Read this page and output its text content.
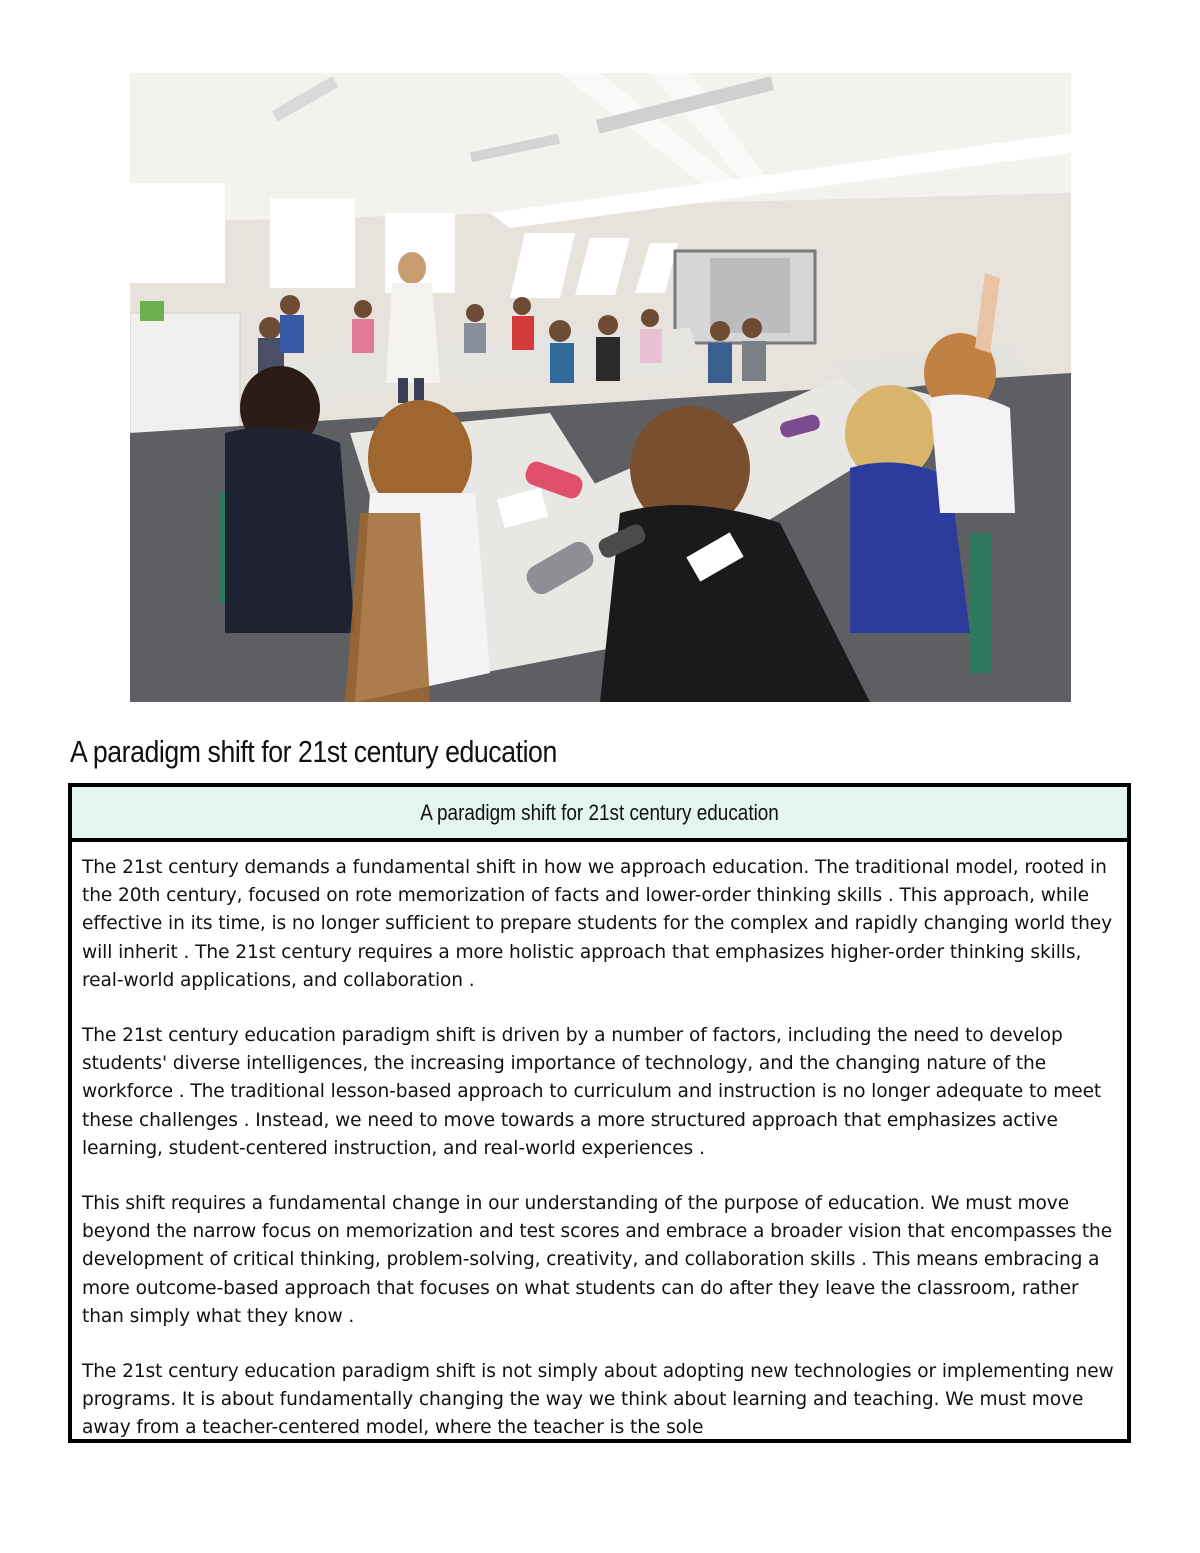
A paradigm shift for 21st century education
A paradigm shift for 21st century education

The 21st century demands a fundamental shift in how we approach education. The traditional model, rooted in the 20th century, focused on rote memorization of facts and lower-order thinking skills . This approach, while effective in its time, is no longer sufficient to prepare students for the complex and rapidly changing world they will inherit . The 21st century requires a more holistic approach that emphasizes higher-order thinking skills, real-world applications, and collaboration .

The 21st century education paradigm shift is driven by a number of factors, including the need to develop students' diverse intelligences, the increasing importance of technology, and the changing nature of the workforce . The traditional lesson-based approach to curriculum and instruction is no longer adequate to meet these challenges . Instead, we need to move towards a more structured approach that emphasizes active learning, student-centered instruction, and real-world experiences .

This shift requires a fundamental change in our understanding of the purpose of education. We must move beyond the narrow focus on memorization and test scores and embrace a broader vision that encompasses the development of critical thinking, problem-solving, creativity, and collaboration skills . This means embracing a more outcome-based approach that focuses on what students can do after they leave the classroom, rather than simply what they know .

The 21st century education paradigm shift is not simply about adopting new technologies or implementing new programs. It is about fundamentally changing the way we think about learning and teaching. We must move away from a teacher-centered model, where the teacher is the sole
